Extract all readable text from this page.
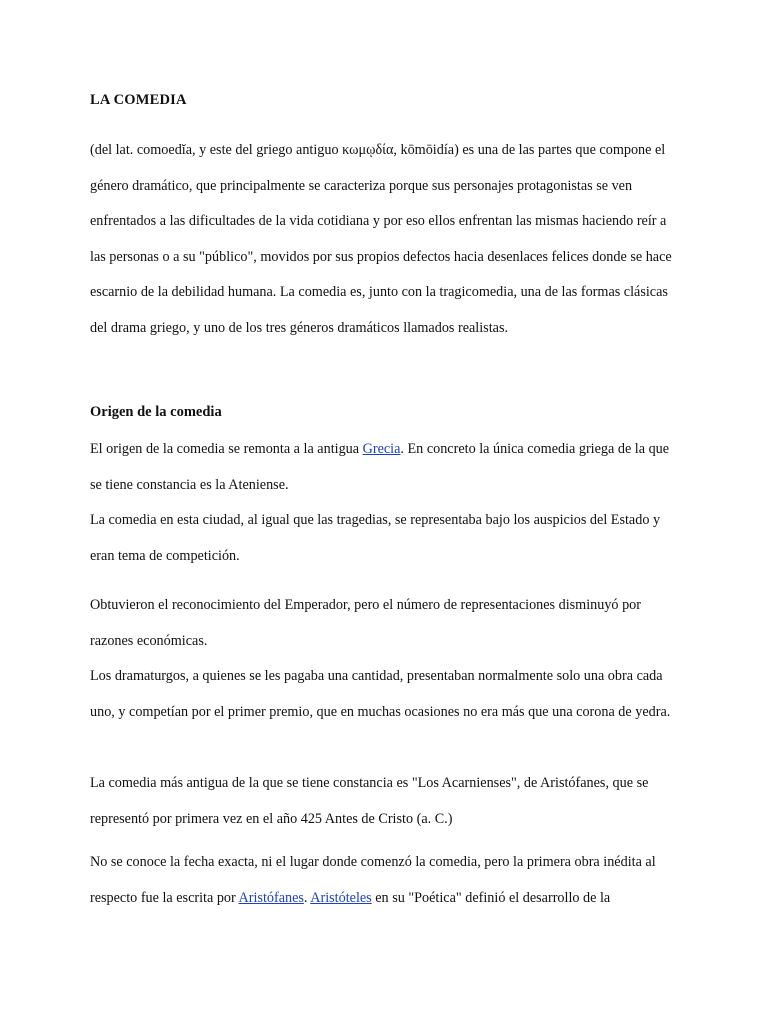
LA COMEDIA

(del lat. comoedĭa, y este del griego antiguo κωμῳδία, kōmōidía) es una de las partes que compone el género dramático, que principalmente se caracteriza porque sus personajes protagonistas se ven enfrentados a las dificultades de la vida cotidiana y por eso ellos enfrentan las mismas haciendo reír a las personas o a su "público", movidos por sus propios defectos hacia desenlaces felices donde se hace escarnio de la debilidad humana. La comedia es, junto con la tragicomedia, una de las formas clásicas del drama griego, y uno de los tres géneros dramáticos llamados realistas.

Origen de la comedia

El origen de la comedia se remonta a la antigua Grecia. En concreto la única comedia griega de la que se tiene constancia es la Ateniense.

La comedia en esta ciudad, al igual que las tragedias, se representaba bajo los auspicios del Estado y eran tema de competición.

Obtuvieron el reconocimiento del Emperador, pero el número de representaciones disminuyó por razones económicas.

Los dramaturgos, a quienes se les pagaba una cantidad, presentaban normalmente solo una obra cada uno, y competían por el primer premio, que en muchas ocasiones no era más que una corona de yedra.

La comedia más antigua de la que se tiene constancia es "Los Acarnienses", de Aristófanes, que se representó por primera vez en el año 425 Antes de Cristo (a. C.)

No se conoce la fecha exacta, ni el lugar donde comenzó la comedia, pero la primera obra inédita al respecto fue la escrita por Aristófanes. Aristóteles en su "Poética" definió el desarrollo de la
